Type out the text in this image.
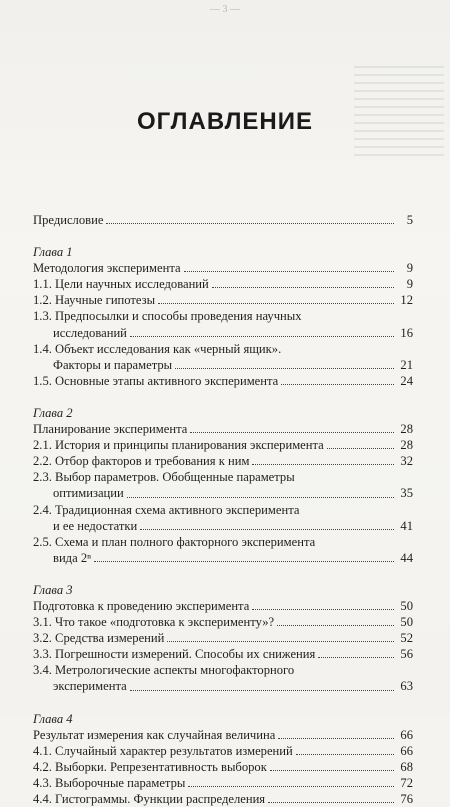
— 3 —
ОГЛАВЛЕНИЕ
Предисловие	5
Глава 1
Методология эксперимента	9
1.1. Цели научных исследований	9
1.2. Научные гипотезы	12
1.3. Предпосылки и способы проведения научных
исследований	16
1.4. Объект исследования как «черный ящик».
Факторы и параметры	21
1.5. Основные этапы активного эксперимента	24
Глава 2
Планирование эксперимента	28
2.1. История и принципы планирования эксперимента	28
2.2. Отбор факторов и требования к ним	32
2.3. Выбор параметров. Обобщенные параметры
оптимизации	35
2.4. Традиционная схема активного эксперимента
и ее недостатки	41
2.5. Схема и план полного факторного эксперимента
вида 2ⁿ	44
Глава 3
Подготовка к проведению эксперимента	50
3.1. Что такое «подготовка к эксперименту»?	50
3.2. Средства измерений	52
3.3. Погрешности измерений. Способы их снижения	56
3.4. Метрологические аспекты многофакторного
эксперимента	63
Глава 4
Результат измерения как случайная величина	66
4.1. Случайный характер результатов измерений	66
4.2. Выборки. Репрезентативность выборок	68
4.3. Выборочные параметры	72
4.4. Гистограммы. Функции распределения	76
